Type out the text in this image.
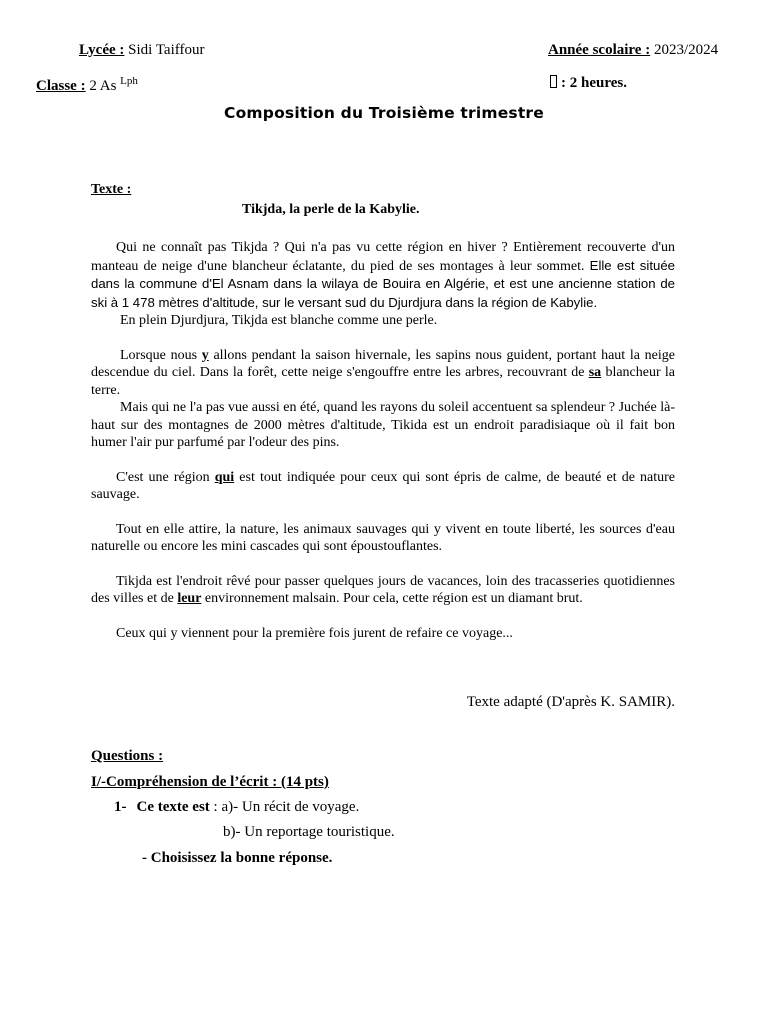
Lycée : Sidi Taiffour	Année scolaire : 2023/2024
Classe : 2 As $^{Lph}$	: 2 heures.
Composition du Troisième trimestre
Texte :
Tikjda, la perle de la Kabylie.

Qui ne connaît pas Tikjda ? Qui n'a pas vu cette région en hiver ? Entièrement recouverte d'un manteau de neige d'une blancheur éclatante, du pied de ses montages à leur sommet. Elle est située dans la commune d'El Asnam dans la wilaya de Bouira en Algérie, et est une ancienne station de ski à 1 478 mètres d'altitude, sur le versant sud du Djurdjura dans la région de Kabylie.

En plein Djurdjura, Tikjda est blanche comme une perle.

Lorsque nous y allons pendant la saison hivernale, les sapins nous guident, portant haut la neige descendue du ciel. Dans la forêt, cette neige s'engouffre entre les arbres, recouvrant de sa blancheur la terre.

Mais qui ne l'a pas vue aussi en été, quand les rayons du soleil accentuent sa splendeur ? Juchée là- haut sur des montagnes de 2000 mètres d'altitude, Tikida est un endroit paradisiaque où il fait bon humer l'air pur parfumé par l'odeur des pins.

C'est une région qui est tout indiquée pour ceux qui sont épris de calme, de beauté et de nature sauvage.

Tout en elle attire, la nature, les animaux sauvages qui y vivent en toute liberté, les sources d'eau naturelle ou encore les mini cascades qui sont époustouflantes.

Tikjda est l'endroit rêvé pour passer quelques jours de vacances, loin des tracasseries quotidiennes des villes et de leur environnement malsain. Pour cela, cette région est un diamant brut.

Ceux qui y viennent pour la première fois jurent de refaire ce voyage...

Texte adapté (D'après K. SAMIR).
Questions :
I/-Compréhension de l’écrit : (14 pts)
1- Ce texte est : a)- Un récit de voyage.
b)- Un reportage touristique.
- Choisissez la bonne réponse.
